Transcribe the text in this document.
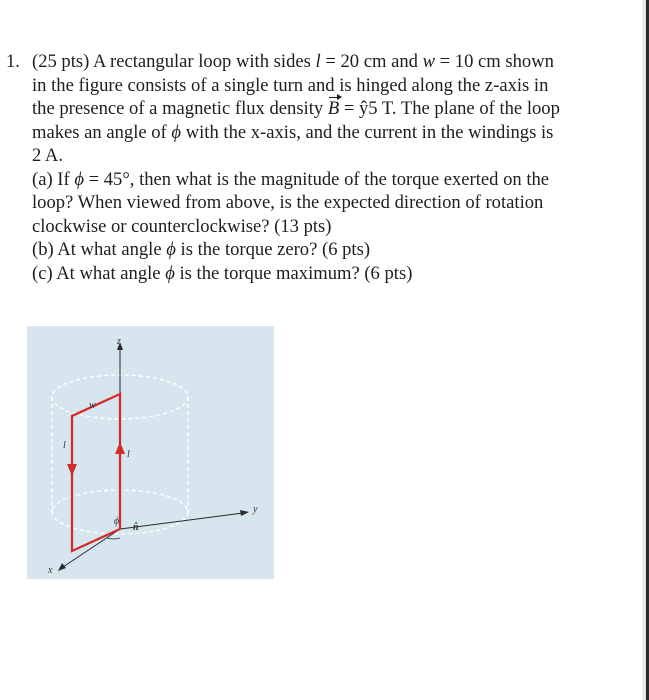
1. (25 pts) A rectangular loop with sides l = 20 cm and w = 10 cm shown
in the figure consists of a single turn and is hinged along the z-axis in
the presence of a magnetic flux density B = ŷ5 T. The plane of the loop
makes an angle of ϕ with the x-axis, and the current in the windings is
2 A.
(a) If ϕ = 45°, then what is the magnitude of the torque exerted on the
loop? When viewed from above, is the expected direction of rotation
clockwise or counterclockwise? (13 pts)
(b) At what angle ϕ is the torque zero? (6 pts)
(c) At what angle ϕ is the torque maximum? (6 pts)
z
y
x
w
l
l
ϕ
n̂
